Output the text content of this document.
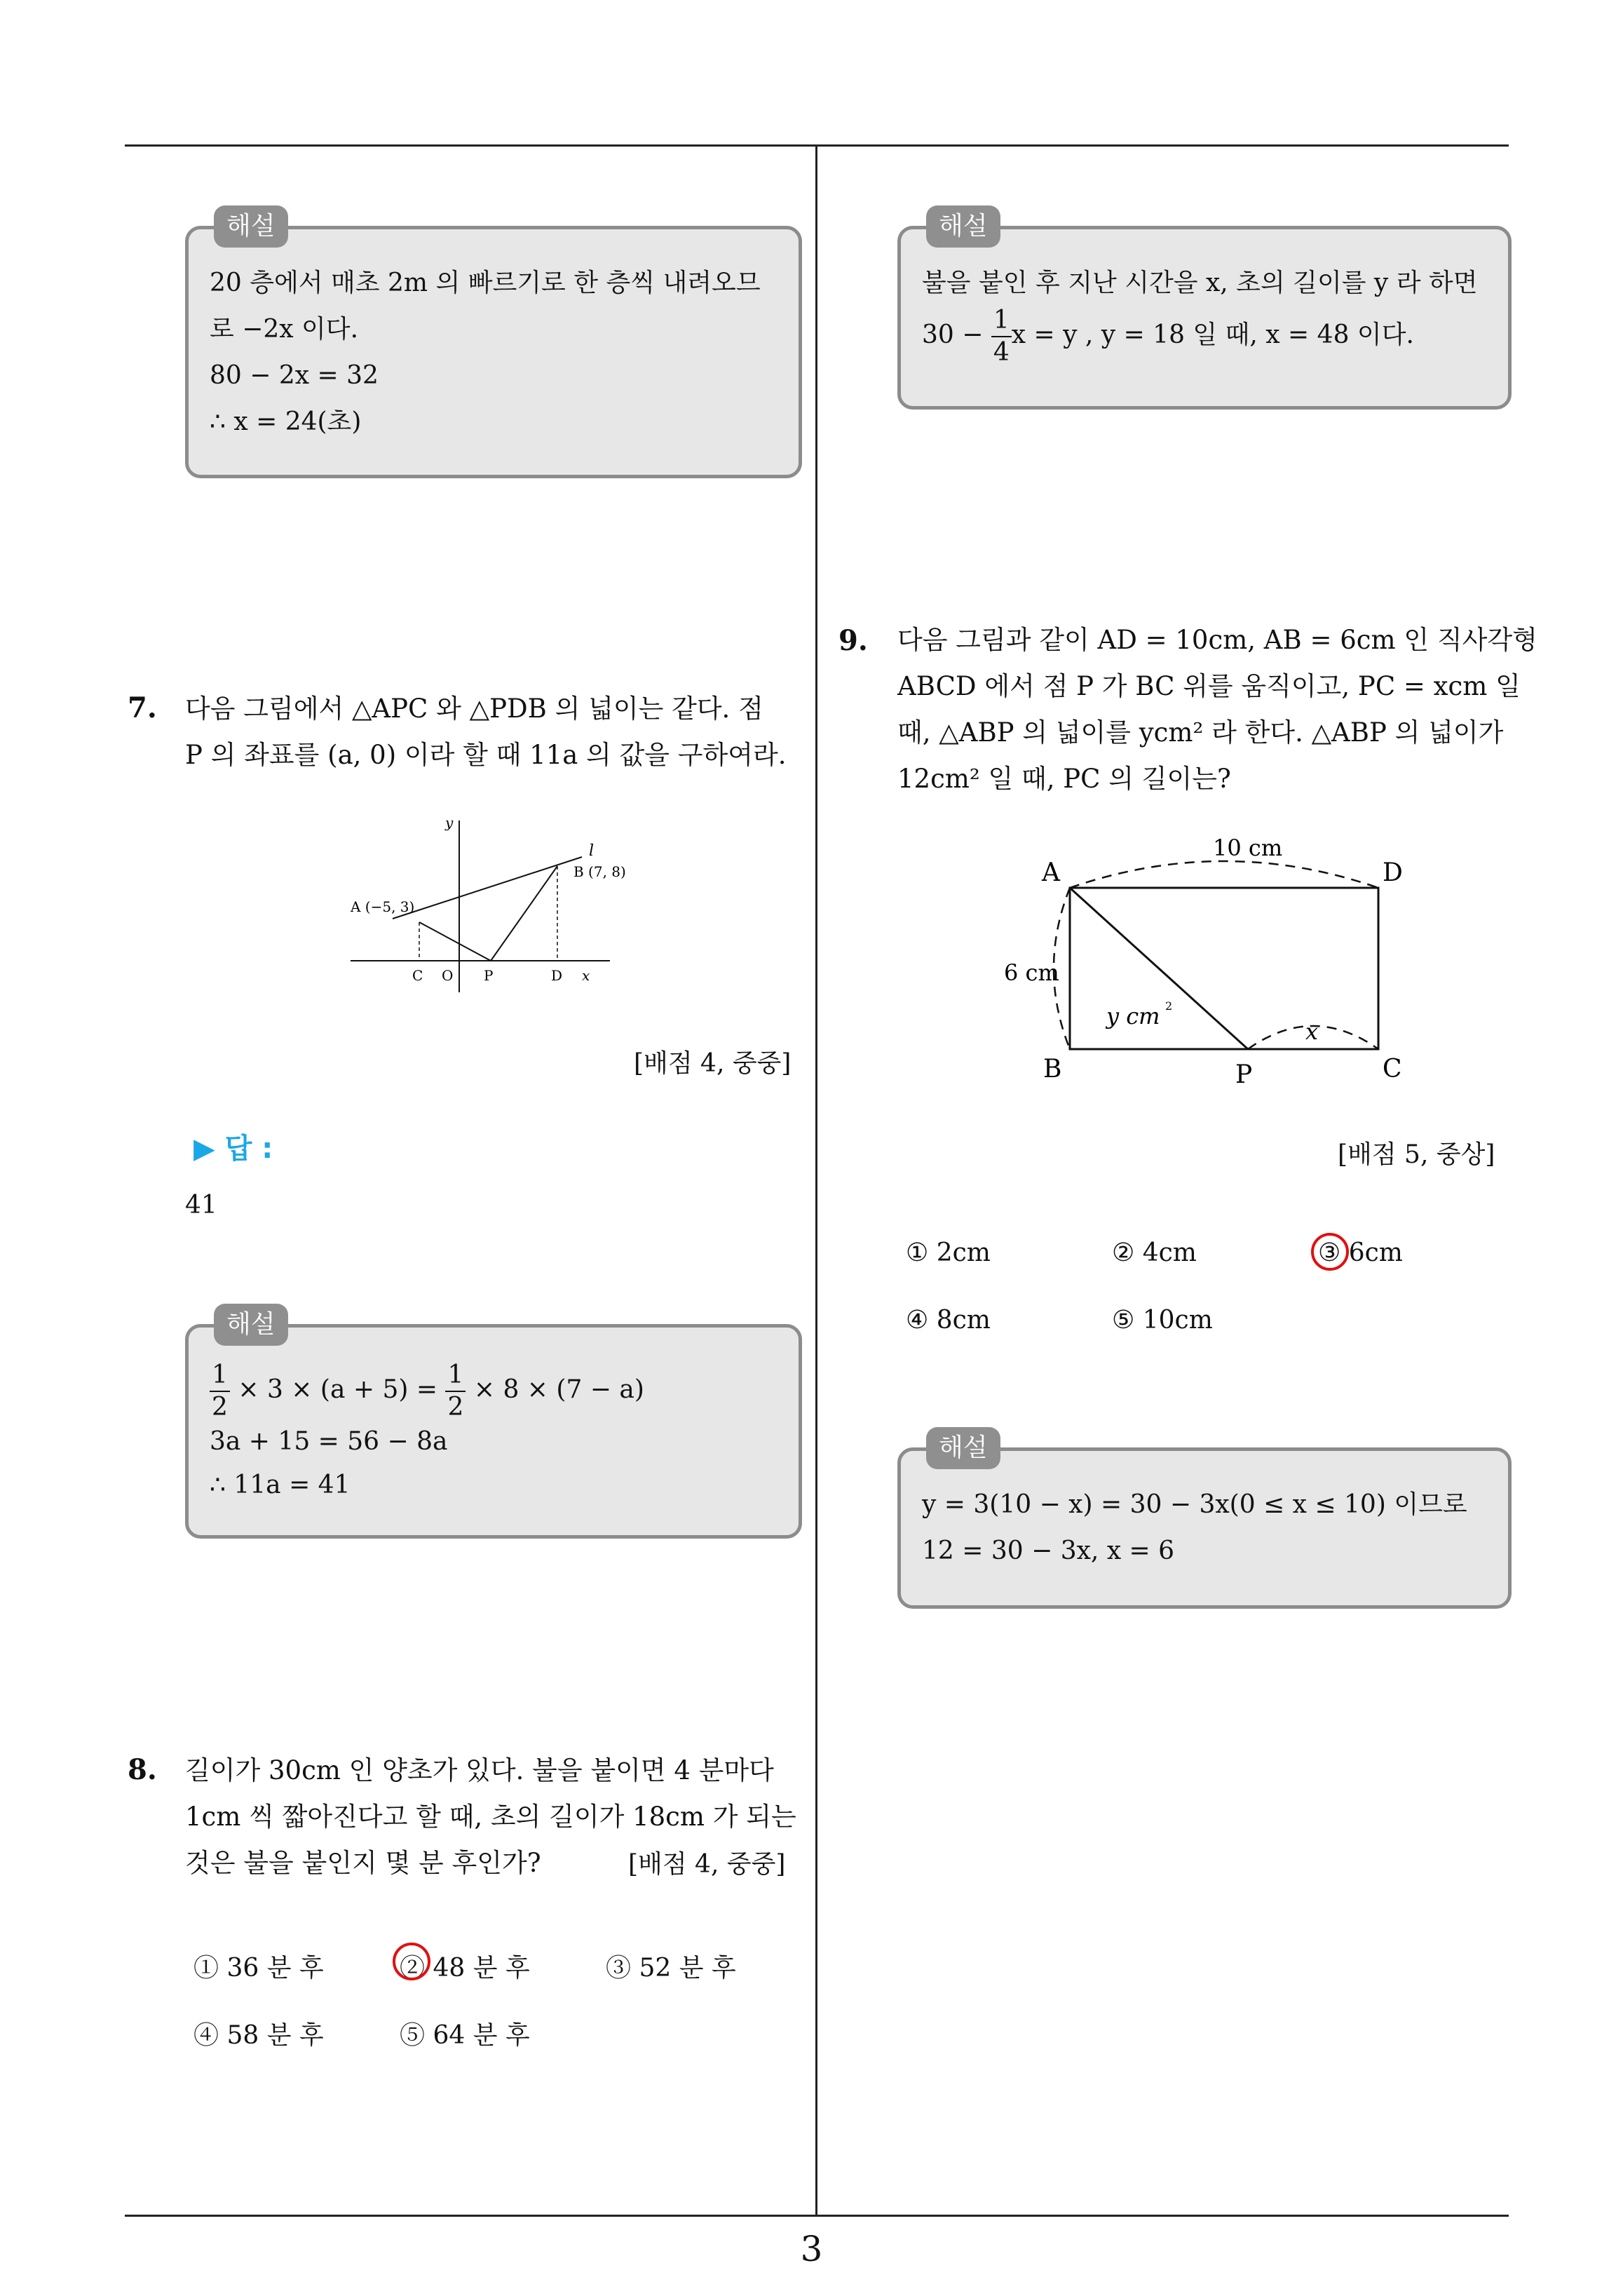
해설
20 층에서 매초 2m 의 빠르기로 한 층씩 내려오므
로 −2x 이다.
80 − 2x = 32
∴ x = 24(초)
7. 다음 그림에서 △APC 와 △PDB 의 넓이는 같다. 점
P 의 좌표를 (a, 0) 이라 할 때 11a 의 값을 구하여라.
y
l
A (−5, 3)
B (7, 8)
C O P	D x
[배점 4, 중중]
▶ 답 :
41
해설
$\frac{1}{2} \times 3 \times (a + 5) = \frac{1}{2} \times 8 \times (7 - a)$
3a + 15 = 56 − 8a
∴ 11a = 41
8. 길이가 30cm 인 양초가 있다. 불을 붙이면 4 분마다
1cm 씩 짧아진다고 할 때, 초의 길이가 18cm 가 되는
것은 불을 붙인지 몇 분 후인가?	[배점 4, 중중]
① 36 분 후	② 48 분 후	③ 52 분 후
④ 58 분 후	⑤ 64 분 후
해설
불을 붙인 후 지난 시간을 x, 초의 길이를 y 라 하면
$30 - \frac{1}{4}$ x = y , y = 18 일 때, x = 48 이다.
9. 다음 그림과 같이 AD = 10cm, AB = 6cm 인 직사각형
ABCD 에서 점 P 가 BC 위를 움직이고, PC = xcm 일
때, △ABP 의 넓이를 ycm² 라 한다. △ABP 의 넓이가
12cm² 일 때, PC 의 길이는?
A	D
B	P	C
10 cm
6 cm
y cm 2
x
[배점 5, 중상]
① 2cm	② 4cm	③ 6cm
④ 8cm	⑤ 10cm
해설
y = 3(10 − x) = 30 − 3x(0 ≤ x ≤ 10) 이므로
12 = 30 − 3x, x = 6
3
